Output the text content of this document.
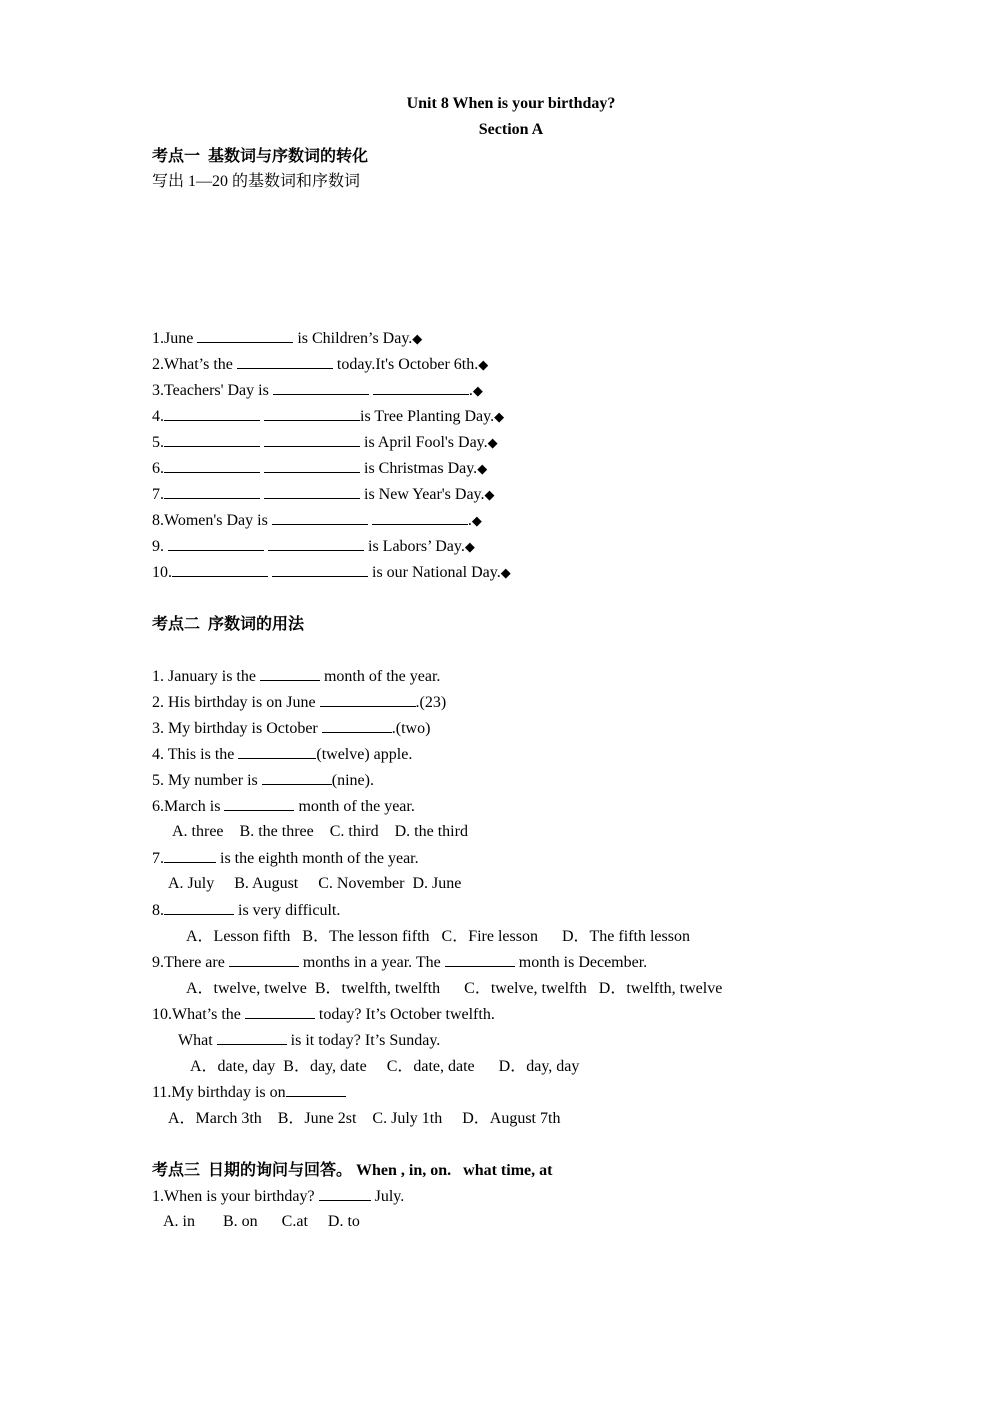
Unit 8 When is your birthday?
Section A
考点一  基数词与序数词的转化
写出 1—20 的基数词和序数词
1.June	is Children’s Day.◆
2.What’s the	today.It's October 6th.◆
3.Teachers' Day is	.◆
4.	is Tree Planting Day.◆
5.	is April Fool's Day.◆
6.	is Christmas Day.◆
7.	is New Year's Day.◆
8.Women's Day is	.◆
9.	is Labors’ Day.◆
10.	is our National Day.◆
考点二  序数词的用法
1. January is the	month of the year.
2. His birthday is on June	.(23)
3. My birthday is October	.(two)
4. This is the	(twelve) apple.
5. My number is	(nine).
6.March is	month of the year.
A. three    B. the three    C. third    D. the third
7.	is the eighth month of the year.
A. July     B. August     C. November  D. June
8.	is very difficult.
A．Lesson fifth   B．The lesson fifth   C．Fire lesson      D．The fifth lesson
9.There are	months in a year. The	month is December.
A．twelve, twelve  B．twelfth, twelfth      C．twelve, twelfth   D．twelfth, twelve
10.What’s the	today? It’s October twelfth.
What	is it today? It’s Sunday.
A．date, day  B．day, date     C．date, date      D．day, day
11.My birthday is on
A．March 3th    B．June 2st    C. July 1th     D．August 7th
考点三  日期的询问与回答。 When , in, on.   what time, at
1.When is your birthday?	July.
A. in       B. on      C.at     D. to
